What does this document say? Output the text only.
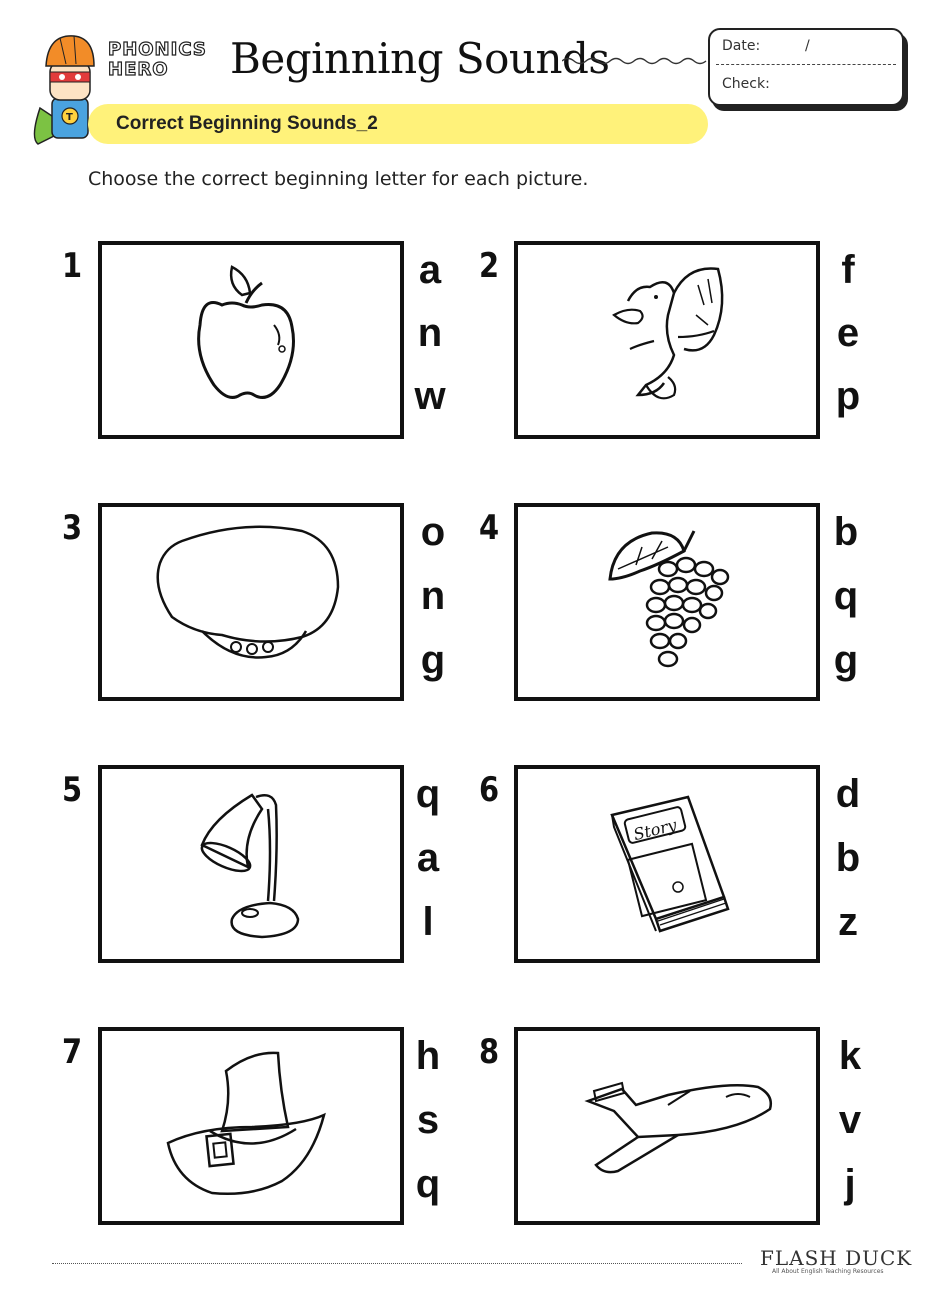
T
PHONICS
HERO	Beginning Sounds	Date:	/
Check:
Correct Beginning Sounds_2
Choose the correct beginning letter for each picture.
1	a
n
w
2	f
e
p
3	o
n
g
4	b
q
g
5	q
a
l
6
Story
d
b
z
7	h
s
q
8	k
v
j
FLASH DUCK
All About English Teaching Resources
